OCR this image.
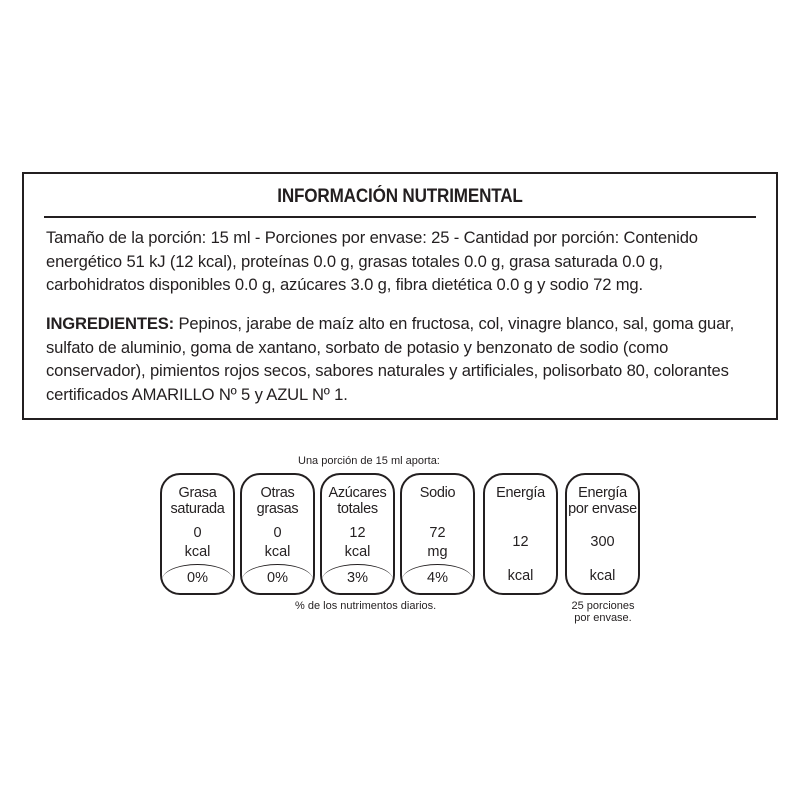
INFORMACIÓN NUTRIMENTAL
Tamaño de la porción: 15 ml - Porciones por envase: 25 - Cantidad por porción: Contenido energético 51 kJ (12 kcal), proteínas 0.0 g, grasas totales 0.0 g, grasa saturada 0.0 g, carbohidratos disponibles 0.0 g, azúcares 3.0 g, fibra dietética 0.0 g y sodio 72 mg.
INGREDIENTES: Pepinos, jarabe de maíz alto en fructosa, col, vinagre blanco, sal, goma guar, sulfato de aluminio, goma de xantano, sorbato de potasio y benzonato de sodio (como conservador), pimientos rojos secos, sabores naturales y artificiales, polisorbato 80, colorantes certificados AMARILLO Nº 5 y AZUL Nº 1.
Una porción de 15 ml aporta:
Grasa
saturada
0
kcal
0%
Otras
grasas
0
kcal
0%
Azúcares
totales
12
kcal
3%
Sodio
72
mg
4%
Energía
12
kcal
Energía
por envase
300
kcal
% de los nutrimentos diarios.	25 porciones
por envase.
